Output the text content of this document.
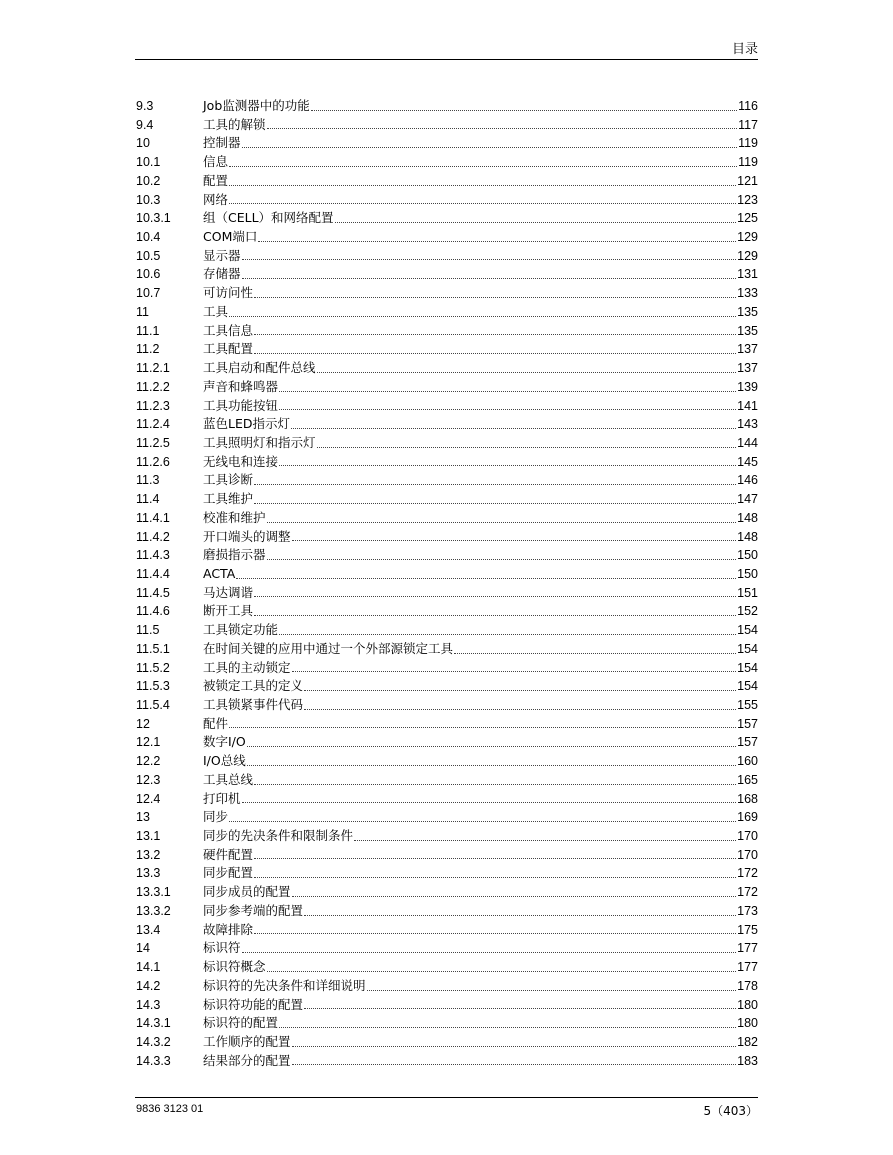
目录
9.3	Job监测器中的功能	116
9.4	工具的解锁	117
10	控制器	119
10.1	信息	119
10.2	配置	121
10.3	网络	123
10.3.1	组（CELL）和网络配置	125
10.4	COM端口	129
10.5	显示器	129
10.6	存储器	131
10.7	可访问性	133
11	工具	135
11.1	工具信息	135
11.2	工具配置	137
11.2.1	工具启动和配件总线	137
11.2.2	声音和蜂鸣器	139
11.2.3	工具功能按钮	141
11.2.4	蓝色LED指示灯	143
11.2.5	工具照明灯和指示灯	144
11.2.6	无线电和连接	145
11.3	工具诊断	146
11.4	工具维护	147
11.4.1	校准和维护	148
11.4.2	开口端头的调整	148
11.4.3	磨损指示器	150
11.4.4	ACTA	150
11.4.5	马达调谐	151
11.4.6	断开工具	152
11.5	工具锁定功能	154
11.5.1	在时间关键的应用中通过一个外部源锁定工具	154
11.5.2	工具的主动锁定	154
11.5.3	被锁定工具的定义	154
11.5.4	工具锁紧事件代码	155
12	配件	157
12.1	数字I/O	157
12.2	I/O总线	160
12.3	工具总线	165
12.4	打印机	168
13	同步	169
13.1	同步的先决条件和限制条件	170
13.2	硬件配置	170
13.3	同步配置	172
13.3.1	同步成员的配置	172
13.3.2	同步参考端的配置	173
13.4	故障排除	175
14	标识符	177
14.1	标识符概念	177
14.2	标识符的先决条件和详细说明	178
14.3	标识符功能的配置	180
14.3.1	标识符的配置	180
14.3.2	工作顺序的配置	182
14.3.3	结果部分的配置	183
9836 3123 01	5（403）
